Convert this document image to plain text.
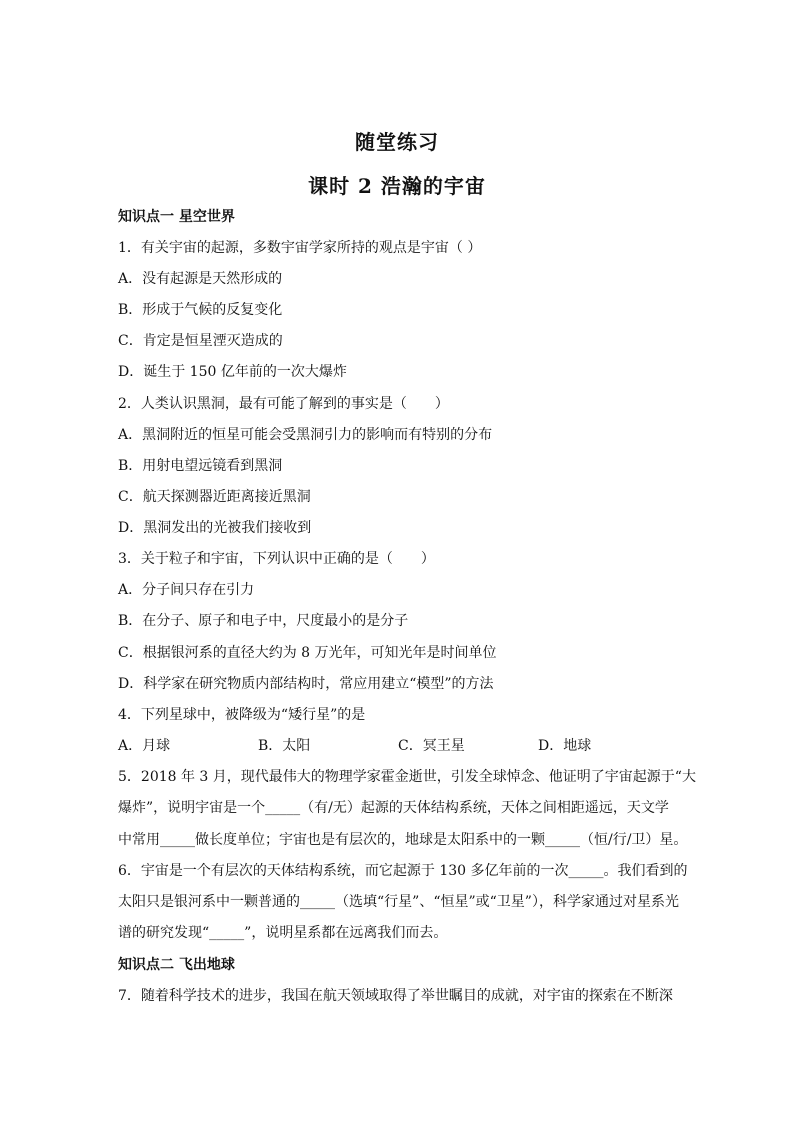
随堂练习
课时 2 浩瀚的宇宙
知识点一 星空世界
1．有关宇宙的起源，多数宇宙学家所持的观点是宇宙（ ）
A．没有起源是天然形成的
B．形成于气候的反复变化
C．肯定是恒星湮灭造成的
D．诞生于 150 亿年前的一次大爆炸
2．人类认识黑洞，最有可能了解到的事实是（　　）
A．黑洞附近的恒星可能会受黑洞引力的影响而有特别的分布
B．用射电望远镜看到黑洞
C．航天探测器近距离接近黑洞
D．黑洞发出的光被我们接收到
3．关于粒子和宇宙，下列认识中正确的是（　　）
A．分子间只存在引力
B．在分子、原子和电子中，尺度最小的是分子
C．根据银河系的直径大约为 8 万光年，可知光年是时间单位
D．科学家在研究物质内部结构时，常应用建立“模型”的方法
4．下列星球中，被降级为“矮行星”的是
A．月球	B．太阳	C．冥王星	D．地球
5．2018 年 3 月，现代最伟大的物理学家霍金逝世，引发全球悼念、他证明了宇宙起源于“大
爆炸”，说明宇宙是一个_____（有/无）起源的天体结构系统，天体之间相距遥远，天文学
中常用_____做长度单位；宇宙也是有层次的，地球是太阳系中的一颗_____（恒/行/卫）星。
6．宇宙是一个有层次的天体结构系统，而它起源于 130 多亿年前的一次_____。我们看到的
太阳只是银河系中一颗普通的_____（选填“行星”、“恒星”或“卫星”），科学家通过对星系光
谱的研究发现“_____”，说明星系都在远离我们而去。
知识点二 飞出地球
7．随着科学技术的进步，我国在航天领域取得了举世瞩目的成就，对宇宙的探索在不断深
